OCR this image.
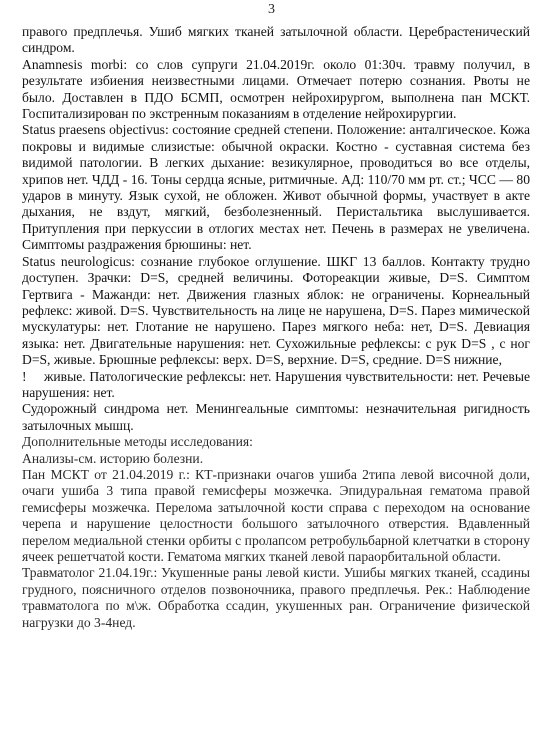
3

правого предплечья. Ушиб мягких тканей затылочной области. Церебрастенический синдром.

Anamnesis morbi: со слов супруги 21.04.2019г. около 01:30ч. травму получил, в результате избиения неизвестными лицами. Отмечает потерю сознания. Рвоты не было. Доставлен в ПДО БСМП, осмотрен нейрохирургом, выполнена пан МСКТ. Госпитализирован по экстренным показаниям в отделение нейрохирургии.

Status praesens objectivus: состояние средней степени. Положение: анталгическое. Кожа покровы и видимые слизистые: обычной окраски. Костно - суставная система без видимой патологии. В легких дыхание: везикулярное, проводиться во все отделы, хрипов нет. ЧДД - 16. Тоны сердца ясные, ритмичные. АД: 110/70 мм рт. ст.; ЧСС — 80 ударов в минуту. Язык сухой, не обложен. Живот обычной формы, участвует в акте дыхания, не вздут, мягкий, безболезненный. Перистальтика выслушивается. Притупления при перкуссии в отлогих местах нет. Печень в размерах не увеличена. Симптомы раздражения брюшины: нет.

Status neurologicus: сознание глубокое оглушение. ШКГ 13 баллов. Контакту трудно доступен. Зрачки: D=S, средней величины. Фотореакции живые, D=S. Симптом Гертвига - Мажанди: нет. Движения глазных яблок: не ограничены. Корнеальный рефлекс: живой. D=S. Чувствительность на лице не нарушена, D=S. Парез мимической мускулатуры: нет. Глотание не нарушено. Парез мягкого неба: нет, D=S. Девиация языка: нет. Двигательные нарушения: нет. Сухожильные рефлексы: с рук D=S , с ног D=S, живые. Брюшные рефлексы: верх. D=S, верхние. D=S, средние. D=S нижние,

! живые. Патологические рефлексы: нет. Нарушения чувствительности: нет. Речевые нарушения: нет.

Судорожный синдрома нет. Менингеальные симптомы: незначительная ригидность затылочных мышц.

Дополнительные методы исследования:

Анализы-см. историю болезни.

Пан МСКТ от 21.04.2019 г.: КТ-признаки очагов ушиба 2типа левой височной доли, очаги ушиба 3 типа правой гемисферы мозжечка. Эпидуральная гематома правой гемисферы мозжечка. Перелома затылочной кости справа с переходом на основание черепа и нарушение целостности большого затылочного отверстия. Вдавленный перелом медиальной стенки орбиты с пролапсом ретробульбарной клетчатки в сторону ячеек решетчатой кости. Гематома мягких тканей левой параорбитальной области.

Травматолог 21.04.19г.: Укушенные раны левой кисти. Ушибы мягких тканей, ссадины грудного, поясничного отделов позвоночника, правого предплечья. Рек.: Наблюдение травматолога по м\ж. Обработка ссадин, укушенных ран. Ограничение физической нагрузки до 3-4нед.
